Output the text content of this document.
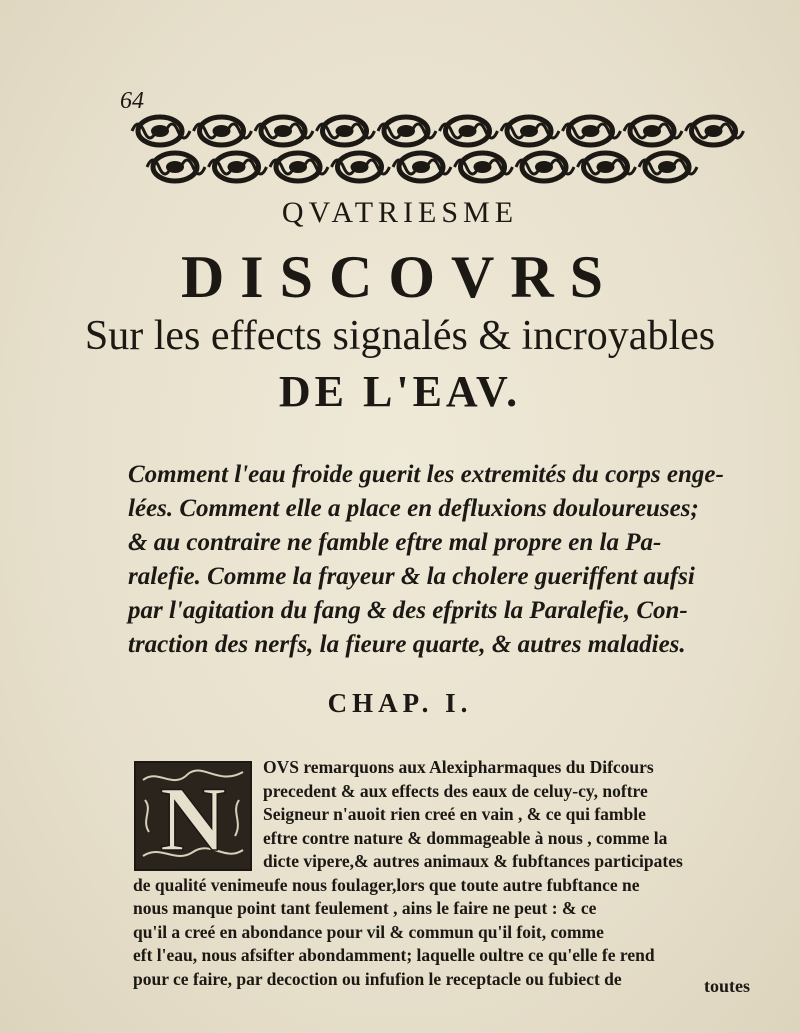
64
QVATRIESME
DISCOVRS
Sur les effects signalés & incroyables
DE L'EAV.
Comment l'eau froide guerit les extremités du corps enge-
lées. Comment elle a place en defluxions douloureuses;
& au contraire ne famble eftre mal propre en la Pa-
ralefie. Comme la frayeur & la cholere gueriffent aufsi
par l'agitation du fang & des efprits la Paralefie, Con-
traction des nerfs, la fieure quarte, & autres maladies.
CHAP. I.
N
OVS remarquons aux Alexipharmaques du Difcours
precedent & aux effects des eaux de celuy-cy, noftre
Seigneur n'auoit rien creé en vain , & ce qui famble
eftre contre nature & dommageable à nous , comme la
dicte vipere,& autres animaux & fubftances participates
de qualité venimeufe nous foulager,lors que toute autre fubftance ne
nous manque point tant feulement , ains le faire ne peut : & ce
qu'il a creé en abondance pour vil & commun qu'il foit, comme
eft l'eau, nous afsifter abondamment; laquelle oultre ce qu'elle fe rend
pour ce faire, par decoction ou infufion le receptacle ou fubiect de	toutes
